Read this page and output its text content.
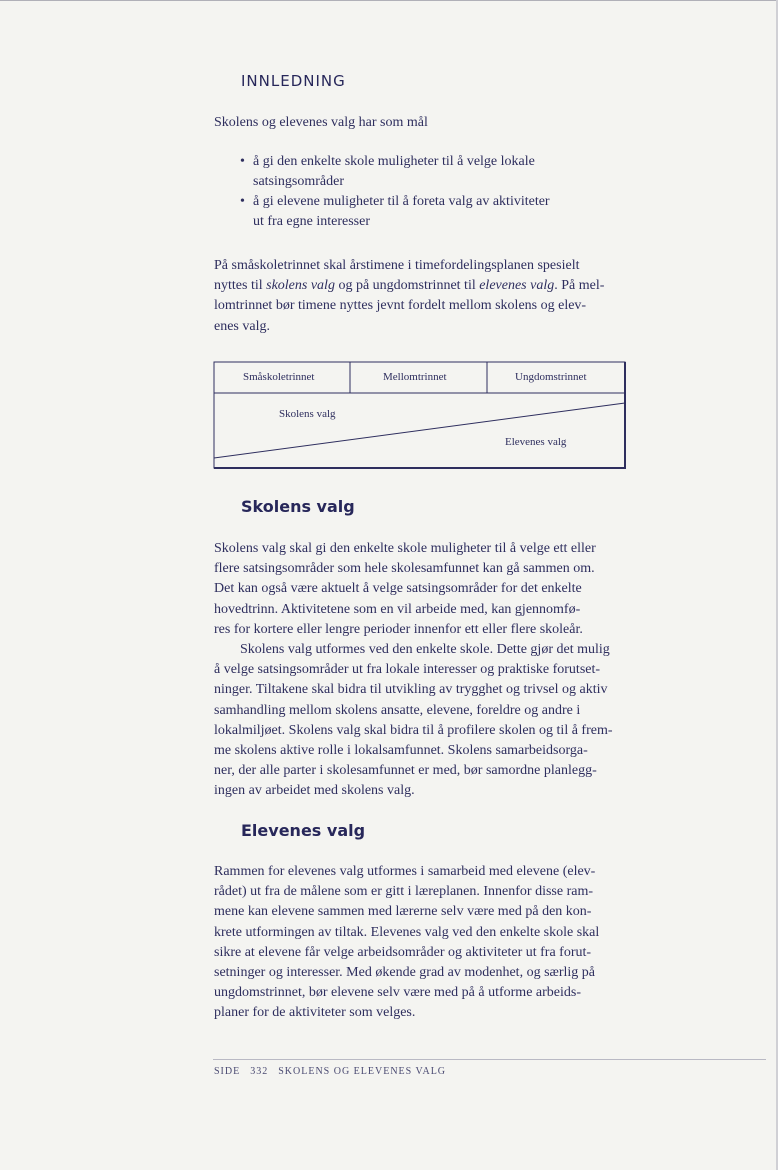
INNLEDNING

Skolens og elevenes valg har som mål

• å gi den enkelte skole muligheter til å velge lokale
satsingsområder
• å gi elevene muligheter til å foreta valg av aktiviteter
ut fra egne interesser

På småskoletrinnet skal årstimene i timefordelingsplanen spesielt
nyttes til skolens valg og på ungdomstrinnet til elevenes valg. På mel-
lomtrinnet bør timene nyttes jevnt fordelt mellom skolens og elev-
enes valg.

Småskoletrinnet	Mellomtrinnet	Ungdomstrinnet
Skolens valg
Elevenes valg
Skolens valg

Skolens valg skal gi den enkelte skole muligheter til å velge ett eller
flere satsingsområder som hele skolesamfunnet kan gå sammen om.
Det kan også være aktuelt å velge satsingsområder for det enkelte
hovedtrinn. Aktivitetene som en vil arbeide med, kan gjennomfø-
res for kortere eller lengre perioder innenfor ett eller flere skoleår.
Skolens valg utformes ved den enkelte skole. Dette gjør det mulig
å velge satsingsområder ut fra lokale interesser og praktiske forutset-
ninger. Tiltakene skal bidra til utvikling av trygghet og trivsel og aktiv
samhandling mellom skolens ansatte, elevene, foreldre og andre i
lokalmiljøet. Skolens valg skal bidra til å profilere skolen og til å frem-
me skolens aktive rolle i lokalsamfunnet. Skolens samarbeidsorga-
ner, der alle parter i skolesamfunnet er med, bør samordne planlegg-
ingen av arbeidet med skolens valg.

Elevenes valg

Rammen for elevenes valg utformes i samarbeid med elevene (elev-
rådet) ut fra de målene som er gitt i læreplanen. Innenfor disse ram-
mene kan elevene sammen med lærerne selv være med på den kon-
krete utformingen av tiltak. Elevenes valg ved den enkelte skole skal
sikre at elevene får velge arbeidsområder og aktiviteter ut fra forut-
setninger og interesser. Med økende grad av modenhet, og særlig på
ungdomstrinnet, bør elevene selv være med på å utforme arbeids-
planer for de aktiviteter som velges.

SIDE 332 SKOLENS OG ELEVENES VALG
